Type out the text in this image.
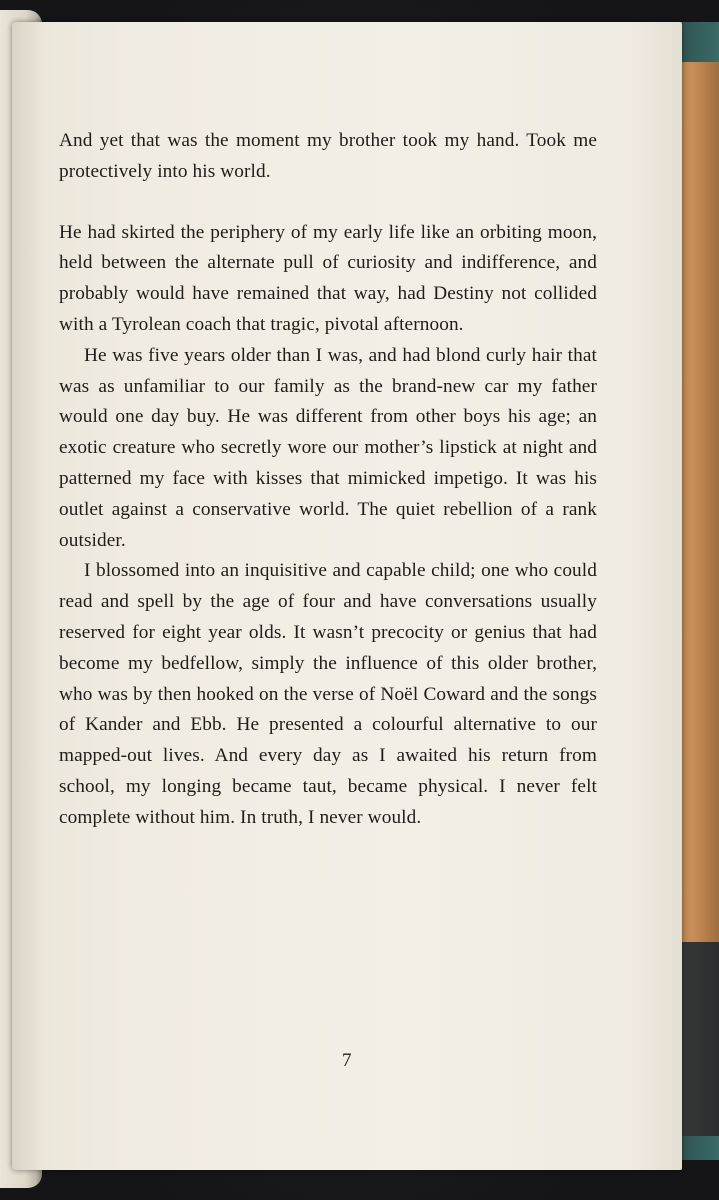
And yet that was the moment my brother took my hand. Took me protectively into his world.

He had skirted the periphery of my early life like an orbiting moon, held between the alternate pull of curiosity and indifference, and probably would have remained that way, had Destiny not collided with a Tyrolean coach that tragic, pivotal afternoon.

He was five years older than I was, and had blond curly hair that was as unfamiliar to our family as the brand-new car my father would one day buy. He was different from other boys his age; an exotic creature who secretly wore our mother’s lipstick at night and patterned my face with kisses that mimicked impetigo. It was his outlet against a conservative world. The quiet rebellion of a rank outsider.

I blossomed into an inquisitive and capable child; one who could read and spell by the age of four and have conversations usually reserved for eight year olds. It wasn’t precocity or genius that had become my bedfellow, simply the influence of this older brother, who was by then hooked on the verse of Noël Coward and the songs of Kander and Ebb. He presented a colourful alternative to our mapped-out lives. And every day as I awaited his return from school, my longing became taut, became physical. I never felt complete without him. In truth, I never would.

7
